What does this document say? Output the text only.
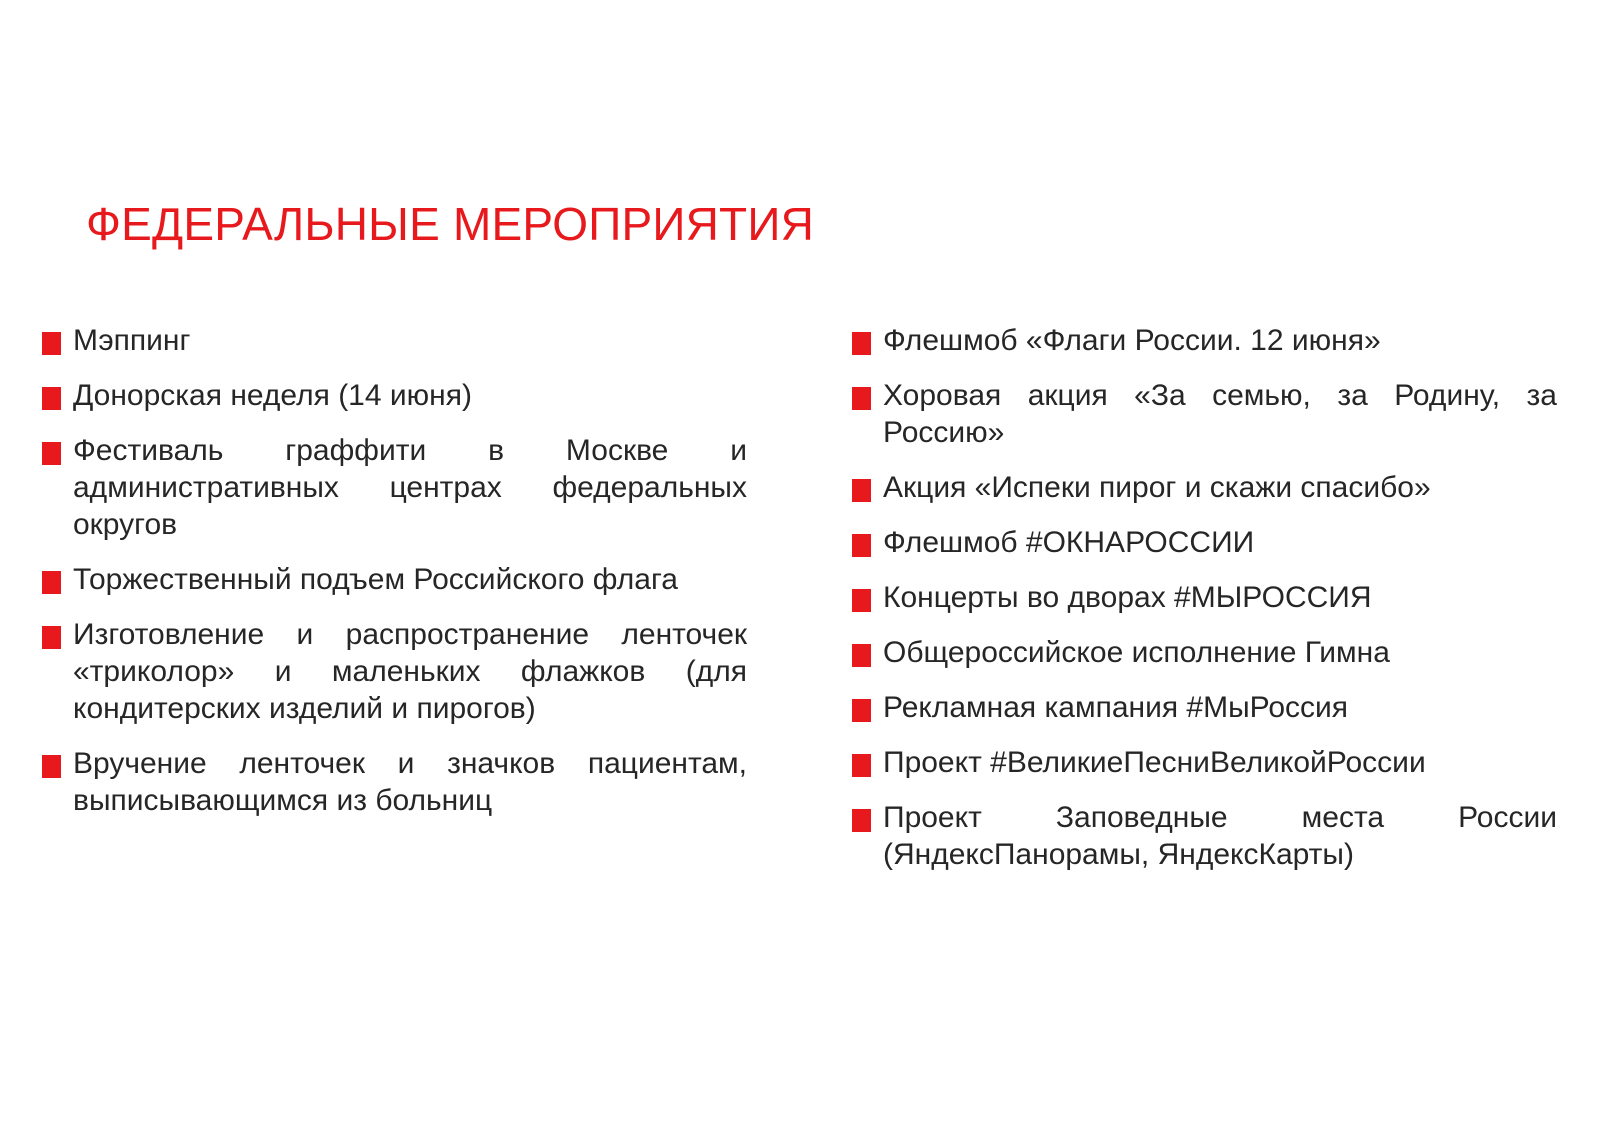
ФЕДЕРАЛЬНЫЕ МЕРОПРИЯТИЯ
Мэппинг
Донорская неделя (14 июня)
Фестиваль граффити в Москве и административных центрах федеральных округов
Торжественный подъем Российского флага
Изготовление и распространение ленточек «триколор» и маленьких флажков (для кондитерских изделий и пирогов)
Вручение ленточек и значков пациентам, выписывающимся из больниц
Флешмоб «Флаги России. 12 июня»
Хоровая акция «За семью, за Родину, за Россию»
Акция «Испеки пирог и скажи спасибо»
Флешмоб #ОКНАРОССИИ
Концерты во дворах #МЫРОССИЯ
Общероссийское исполнение Гимна
Рекламная кампания #МыРоссия
Проект #ВеликиеПесниВеликойРоссии
Проект Заповедные места России (ЯндексПанорамы, ЯндексКарты)
